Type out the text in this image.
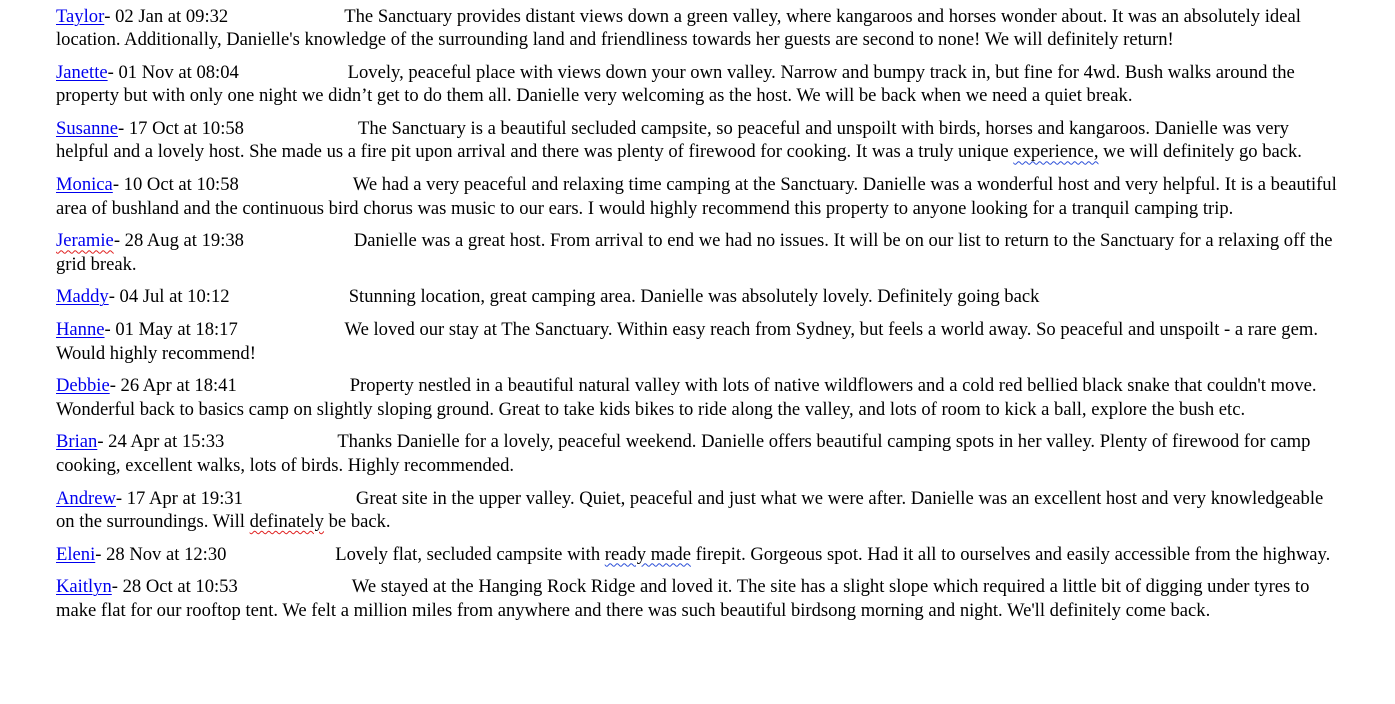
Taylor- 02 Jan at 09:32	The Sanctuary provides distant views down a green valley, where kangaroos and horses wonder about. It was an absolutely ideal location. Additionally, Danielle's knowledge of the surrounding land and friendliness towards her guests are second to none! We will definitely return!

Janette- 01 Nov at 08:04	Lovely, peaceful place with views down your own valley. Narrow and bumpy track in, but fine for 4wd. Bush walks around the property but with only one night we didn’t get to do them all. Danielle very welcoming as the host. We will be back when we need a quiet break.

Susanne- 17 Oct at 10:58	The Sanctuary is a beautiful secluded campsite, so peaceful and unspoilt with birds, horses and kangaroos. Danielle was very helpful and a lovely host. She made us a fire pit upon arrival and there was plenty of firewood for cooking. It was a truly unique experience, we will definitely go back.

Monica- 10 Oct at 10:58	We had a very peaceful and relaxing time camping at the Sanctuary. Danielle was a wonderful host and very helpful. It is a beautiful area of bushland and the continuous bird chorus was music to our ears. I would highly recommend this property to anyone looking for a tranquil camping trip.

Jeramie- 28 Aug at 19:38	Danielle was a great host. From arrival to end we had no issues. It will be on our list to return to the Sanctuary for a relaxing off the grid break.

Maddy- 04 Jul at 10:12	Stunning location, great camping area. Danielle was absolutely lovely. Definitely going back

Hanne- 01 May at 18:17	We loved our stay at The Sanctuary. Within easy reach from Sydney, but feels a world away. So peaceful and unspoilt - a rare gem. Would highly recommend!

Debbie- 26 Apr at 18:41	Property nestled in a beautiful natural valley with lots of native wildflowers and a cold red bellied black snake that couldn't move. Wonderful back to basics camp on slightly sloping ground. Great to take kids bikes to ride along the valley, and lots of room to kick a ball, explore the bush etc.

Brian- 24 Apr at 15:33	Thanks Danielle for a lovely, peaceful weekend. Danielle offers beautiful camping spots in her valley. Plenty of firewood for camp cooking, excellent walks, lots of birds. Highly recommended.

Andrew- 17 Apr at 19:31	Great site in the upper valley. Quiet, peaceful and just what we were after. Danielle was an excellent host and very knowledgeable on the surroundings. Will definately be back.

Eleni- 28 Nov at 12:30	Lovely flat, secluded campsite with ready made firepit. Gorgeous spot. Had it all to ourselves and easily accessible from the highway.

Kaitlyn- 28 Oct at 10:53	We stayed at the Hanging Rock Ridge and loved it. The site has a slight slope which required a little bit of digging under tyres to make flat for our rooftop tent. We felt a million miles from anywhere and there was such beautiful birdsong morning and night. We'll definitely come back.
